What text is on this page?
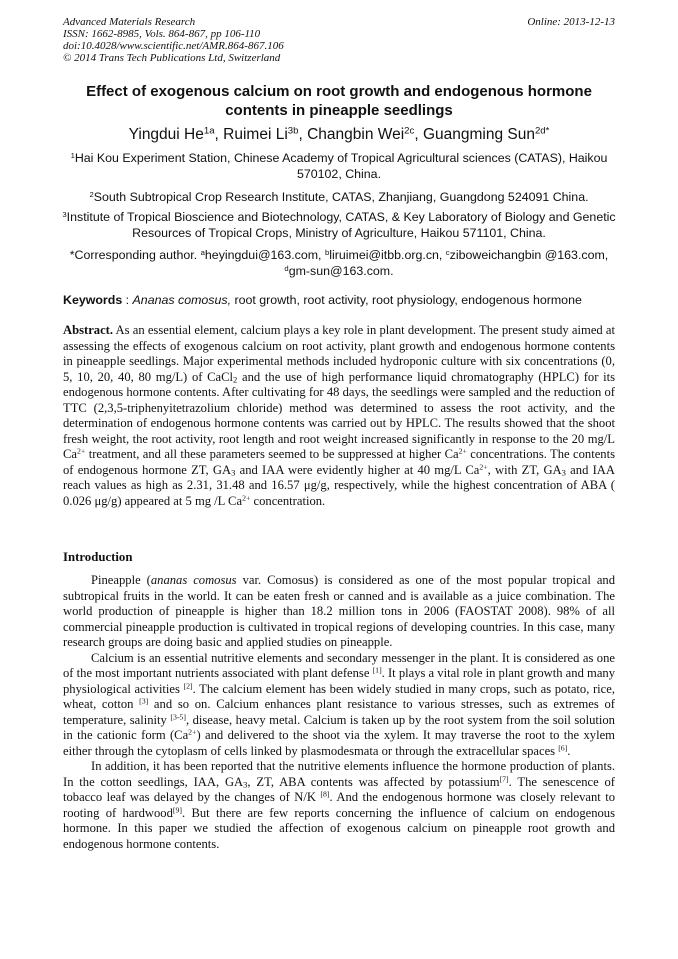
Advanced Materials Research
ISSN: 1662-8985, Vols. 864-867, pp 106-110
doi:10.4028/www.scientific.net/AMR.864-867.106
© 2014 Trans Tech Publications Ltd, Switzerland
Online: 2013-12-13
Effect of exogenous calcium on root growth and endogenous hormone
contents in pineapple seedlings
Yingdui $He^{1a}$, Ruimei $Li^{3b}$, Changbin Wei$^{2c}$, Guangming Sun$^{2d*}$
$^1$Hai Kou Experiment Station, Chinese Academy of Tropical Agricultural sciences (CATAS), Haikou 570102, China.
$^2$South Subtropical Crop Research Institute, CATAS, Zhanjiang, Guangdong 524091 China.
$^3$Institute of Tropical Bioscience and Biotechnology, CATAS, & Key Laboratory of Biology and Genetic Resources of Tropical Crops, Ministry of Agriculture, Haikou 571101, China.
*Corresponding author. $^a$heyingdui@163.com, $^b$liruimei@itbb.org.cn, $^c$ziboweichangbin @163.com, $^d$gm-sun@163.com.
Keywords : Ananas comosus, root growth, root activity, root physiology, endogenous hormone
Abstract. As an essential element, calcium plays a key role in plant development. The present study aimed at assessing the effects of exogenous calcium on root activity, plant growth and endogenous hormone contents in pineapple seedlings. Major experimental methods included hydroponic culture with six concentrations (0, 5, 10, 20, 40, 80 mg/L) of CaCl$_2$ and the use of high performance liquid chromatography (HPLC) for its endogenous hormone contents. After cultivating for 48 days, the seedlings were sampled and the reduction of TTC (2,3,5-triphenyitetrazolium chloride) method was determined to assess the root activity, and the determination of endogenous hormone contents was carried out by HPLC. The results showed that the shoot fresh weight, the root activity, root length and root weight increased significantly in response to the 20 mg/L $Ca^{2+}$ treatment, and all these parameters seemed to be suppressed at higher $Ca^{2+}$ concentrations. The contents of endogenous hormone ZT, $GA_3$ and IAA were evidently higher at 40 mg/L $Ca^{2+}$, with ZT, $GA_3$ and IAA reach values as high as 2.31, 31.48 and 16.57 μg/g, respectively, while the highest concentration of ABA ( 0.026 μg/g) appeared at 5 mg /L $Ca^{2+}$ concentration.
Introduction

Pineapple (ananas comosus var. Comosus) is considered as one of the most popular tropical and subtropical fruits in the world. It can be eaten fresh or canned and is available as a juice combination. The world production of pineapple is higher than 18.2 million tons in 2006 (FAOSTAT 2008). 98% of all commercial pineapple production is cultivated in tropical regions of developing countries. In this case, many research groups are doing basic and applied studies on pineapple.

Calcium is an essential nutritive elements and secondary messenger in the plant. It is considered as one of the most important nutrients associated with plant defense [1]. It plays a vital role in plant growth and many physiological activities [2]. The calcium element has been widely studied in many crops, such as potato, rice, wheat, cotton [3] and so on. Calcium enhances plant resistance to various stresses, such as extremes of temperature, salinity [3-5], disease, heavy metal. Calcium is taken up by the root system from the soil solution in the cationic form $(Ca^{2+})$ and delivered to the shoot via the xylem. It may traverse the root to the xylem either through the cytoplasm of cells linked by plasmodesmata or through the extracellular spaces [6].

In addition, it has been reported that the nutritive elements influence the hormone production of plants. In the cotton seedlings, IAA, $GA_3$, ZT, ABA contents was affected by potassium[7]. The senescence of tobacco leaf was delayed by the changes of N/K [8]. And the endogenous hormone was closely relevant to rooting of hardwood[9]. But there are few reports concerning the influence of calcium on endogenous hormone. In this paper we studied the affection of exogenous calcium on pineapple root growth and endogenous hormone contents.
